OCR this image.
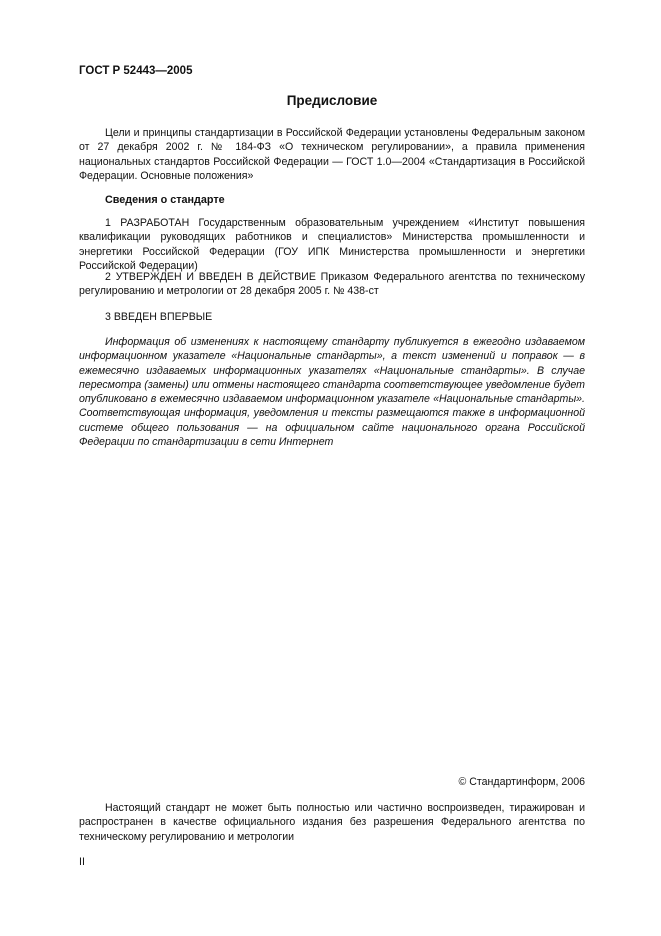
ГОСТ Р 52443—2005

Предисловие

Цели и принципы стандартизации в Российской Федерации установлены Федеральным законом от 27 декабря 2002 г. № 184-ФЗ «О техническом регулировании», а правила применения национальных стандартов Российской Федерации — ГОСТ 1.0—2004 «Стандартизация в Российской Федерации. Основные положения»

Сведения о стандарте

1 РАЗРАБОТАН Государственным образовательным учреждением «Институт повышения квалификации руководящих работников и специалистов» Министерства промышленности и энергетики Российской Федерации (ГОУ ИПК Министерства промышленности и энергетики Российской Федерации)

2 УТВЕРЖДЕН И ВВЕДЕН В ДЕЙСТВИЕ Приказом Федерального агентства по техническому регулированию и метрологии от 28 декабря 2005 г. № 438-ст

3 ВВЕДЕН ВПЕРВЫЕ

Информация об изменениях к настоящему стандарту публикуется в ежегодно издаваемом информационном указателе «Национальные стандарты», а текст изменений и поправок — в ежемесячно издаваемых информационных указателях «Национальные стандарты». В случае пересмотра (замены) или отмены настоящего стандарта соответствующее уведомление будет опубликовано в ежемесячно издаваемом информационном указателе «Национальные стандарты». Соответствующая информация, уведомления и тексты размещаются также в информационной системе общего пользования — на официальном сайте национального органа Российской Федерации по стандартизации в сети Интернет

© Стандартинформ, 2006

Настоящий стандарт не может быть полностью или частично воспроизведен, тиражирован и распространен в качестве официального издания без разрешения Федерального агентства по техническому регулированию и метрологии

II
